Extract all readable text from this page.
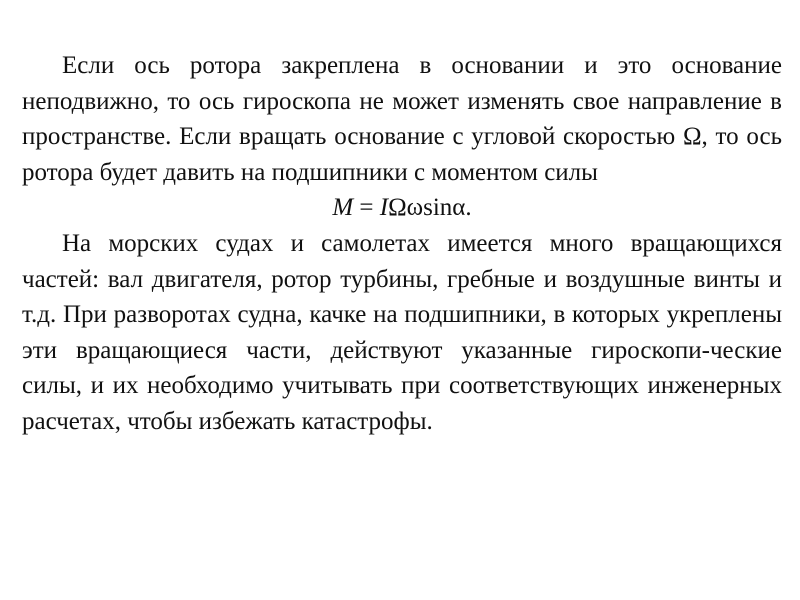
Если ось ротора закреплена в основании и это основание неподвижно, то ось гироскопа не может изменять свое направление в пространстве. Если вращать основание с угловой скоростью Ω, то ось ротора будет давить на подшипники с моментом силы

M = IΩωsinα.

На морских судах и самолетах имеется много вращающихся частей: вал двигателя, ротор турбины, гребные и воздушные винты и т.д. При разворотах судна, качке на подшипники, в которых укреплены эти вращающиеся части, действуют указанные гироскопи-ческие силы, и их необходимо учитывать при соответствующих инженерных расчетах, чтобы избежать катастрофы.
